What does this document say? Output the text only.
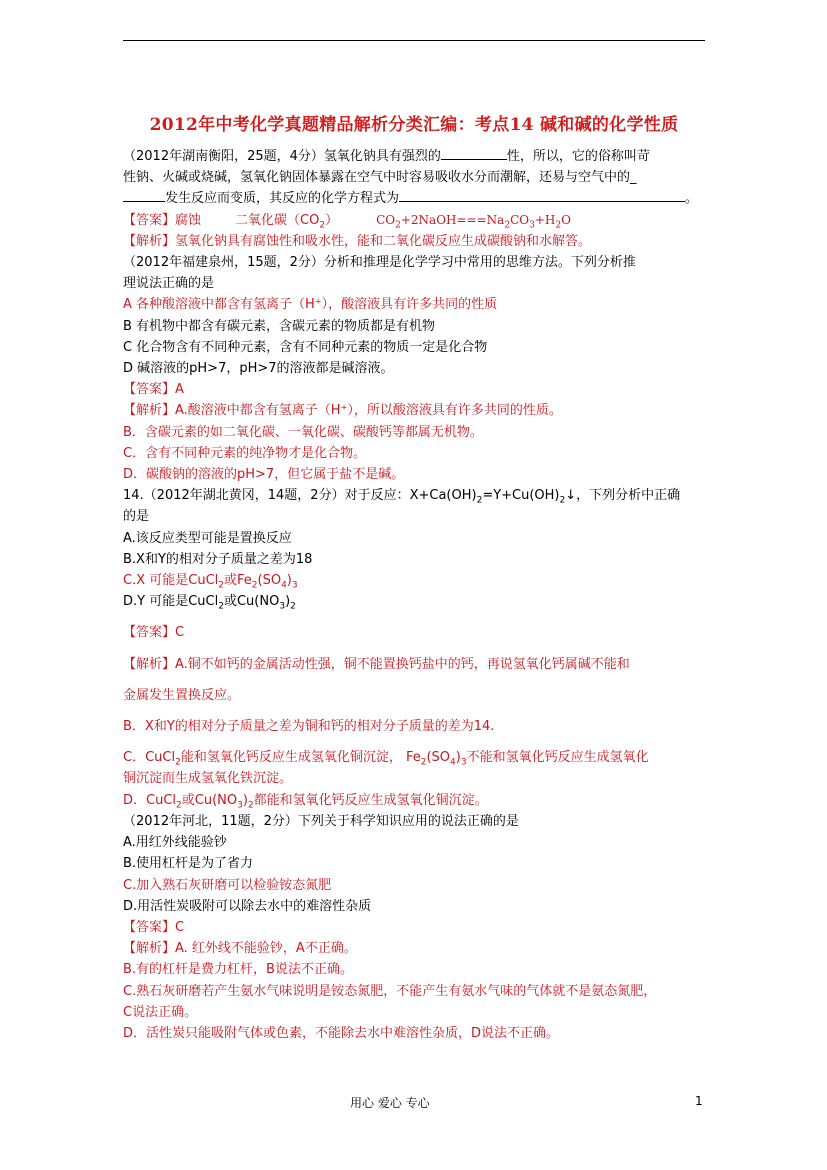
2012年中考化学真题精品解析分类汇编：考点14 碱和碱的化学性质
（2012年湖南衡阳，25题，4分）氢氧化钠具有强烈的	性，所以，它的俗称叫苛
性钠、火碱或烧碱，氢氧化钠固体暴露在空气中时容易吸收水分而潮解，还易与空气中的_
发生反应而变质，其反应的化学方程式为	。
【答案】腐蚀	二氧化碳$(CO_2)$	$CO_2+2NaOH===Na_2CO_3+H_2O$
【解析】氢氧化钠具有腐蚀性和吸水性，能和二氧化碳反应生成碳酸钠和水解答。
（2012年福建泉州，15题，2分）分析和推理是化学学习中常用的思维方法。下列分析推
理说法正确的是
A 各种酸溶液中都含有氢离子（H⁺），酸溶液具有许多共同的性质
B 有机物中都含有碳元素，含碳元素的物质都是有机物
C 化合物含有不同种元素，含有不同种元素的物质一定是化合物
D 碱溶液的pH>7，pH>7的溶液都是碱溶液。
【答案】A
【解析】A.酸溶液中都含有氢离子（H⁺），所以酸溶液具有许多共同的性质。
B．含碳元素的如二氧化碳、一氧化碳、碳酸钙等都属无机物。
C．含有不同种元素的纯净物才是化合物。
D．碳酸钠的溶液的pH>7，但它属于盐不是碱。
14.（2012年湖北黄冈，14题，2分）对于反应：$X+Ca(OH)_2=Y+Cu(OH)_2↓$，下列分析中正确
的是
A.该反应类型可能是置换反应
B.X和Y的相对分子质量之差为18
C.X 可能是CuCl$_2$或$Fe_2(SO_4)_3$
D.Y 可能是CuCl$_2$或$Cu(NO_3)_2$
【答案】C
【解析】A.铜不如钙的金属活动性强，铜不能置换钙盐中的钙，再说氢氧化钙属碱不能和
金属发生置换反应。
B．X和Y的相对分子质量之差为铜和钙的相对分子质量的差为14.
C．CuCl$_2$能和氢氧化钙反应生成氢氧化铜沉淀， $Fe_2(SO_4)_3$不能和氢氧化钙反应生成氢氧化
铜沉淀而生成氢氧化铁沉淀。
D．CuCl$_2$或$Cu(NO_3)_2$都能和氢氧化钙反应生成氢氧化铜沉淀。
（2012年河北，11题，2分）下列关于科学知识应用的说法正确的是
A.用红外线能验钞
B.使用杠杆是为了省力
C.加入熟石灰研磨可以检验铵态氮肥
D.用活性炭吸附可以除去水中的难溶性杂质
【答案】C
【解析】A. 红外线不能验钞，A不正确。
B.有的杠杆是费力杠杆，B说法不正确。
C.熟石灰研磨若产生氨水气味说明是铵态氮肥，不能产生有氨水气味的气体就不是氨态氮肥，
C说法正确。
D．活性炭只能吸附气体或色素，不能除去水中难溶性杂质，D说法不正确。
用心 爱心 专心	1
